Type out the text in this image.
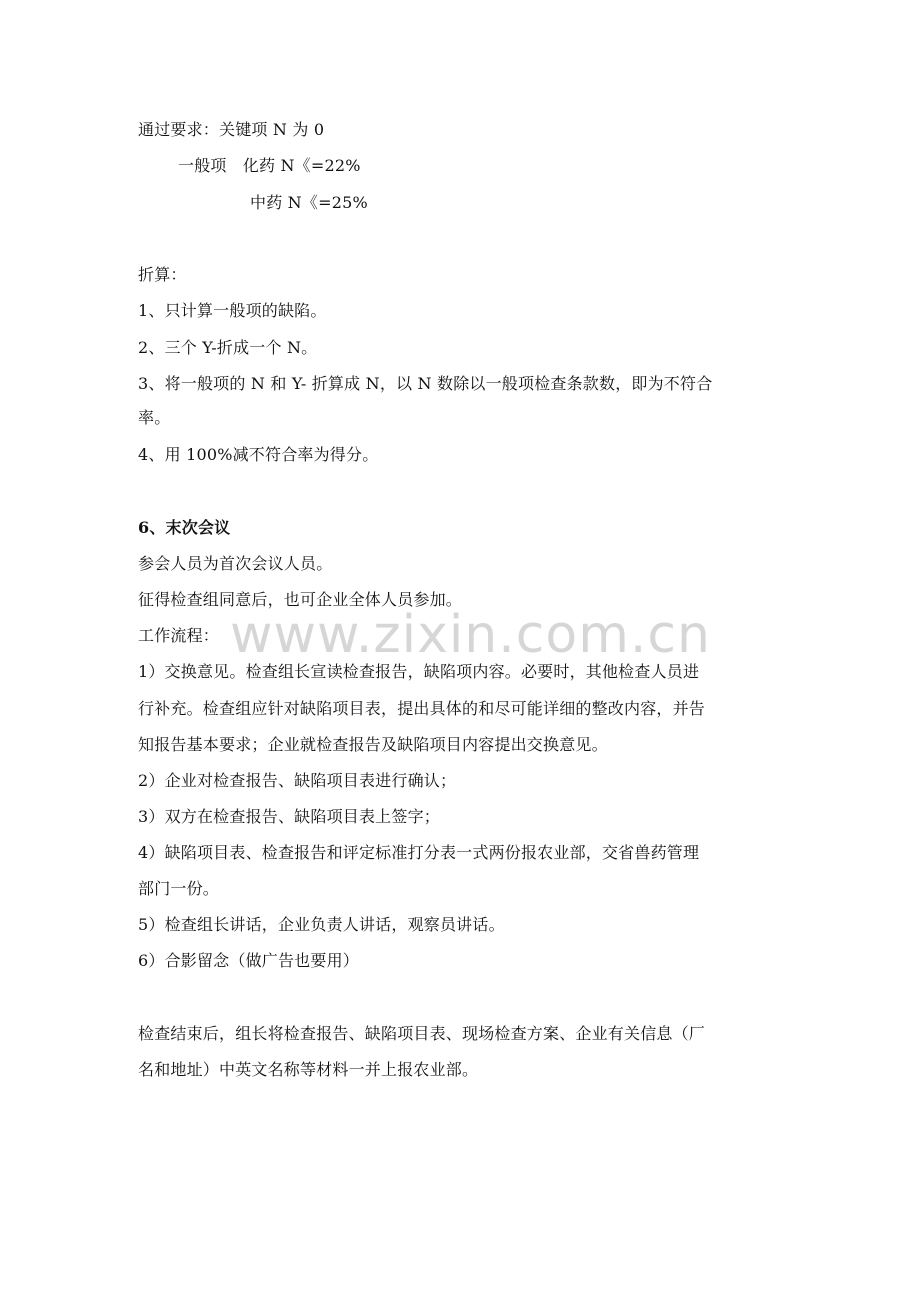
www.zixin.com.cn
通过要求：关键项 N 为 0
一般项　化药 N《=22%
中药 N《=25%
折算：
1、只计算一般项的缺陷。
2、三个 Y-折成一个 N。
3、将一般项的 N 和 Y- 折算成 N，以 N 数除以一般项检查条款数，即为不符合
率。
4、用 100%减不符合率为得分。
6、末次会议
参会人员为首次会议人员。
征得检查组同意后，也可企业全体人员参加。
工作流程：
1）交换意见。检查组长宣读检查报告，缺陷项内容。必要时，其他检查人员进
行补充。检查组应针对缺陷项目表，提出具体的和尽可能详细的整改内容，并告
知报告基本要求；企业就检查报告及缺陷项目内容提出交换意见。
2）企业对检查报告、缺陷项目表进行确认；
3）双方在检查报告、缺陷项目表上签字；
4）缺陷项目表、检查报告和评定标准打分表一式两份报农业部，交省兽药管理
部门一份。
5）检查组长讲话，企业负责人讲话，观察员讲话。
6）合影留念（做广告也要用）
检查结束后，组长将检查报告、缺陷项目表、现场检查方案、企业有关信息（厂
名和地址）中英文名称等材料一并上报农业部。
